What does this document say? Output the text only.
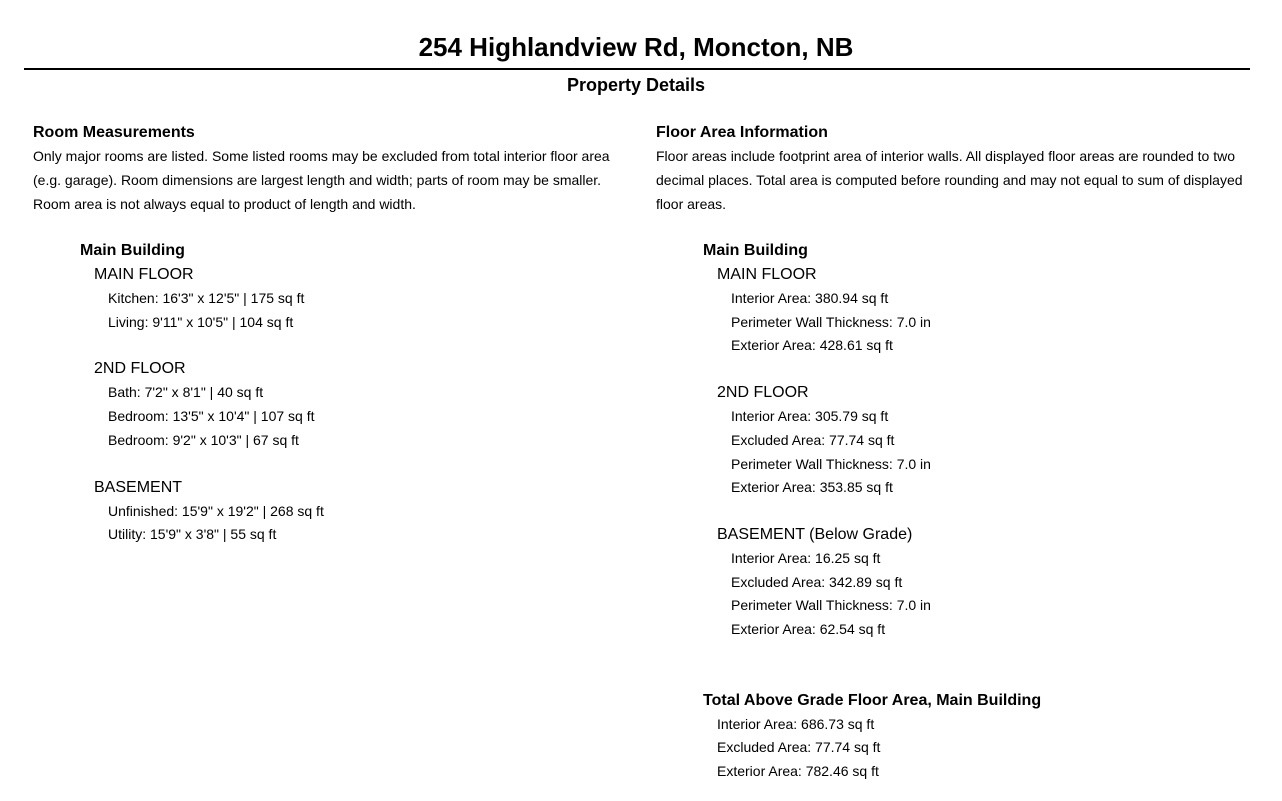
254 Highlandview Rd, Moncton, NB
Property Details
Room Measurements
Only major rooms are listed. Some listed rooms may be excluded from total interior floor area
(e.g. garage). Room dimensions are largest length and width; parts of room may be smaller.
Room area is not always equal to product of length and width.
Main Building
MAIN FLOOR
Kitchen: 16'3" x 12'5" | 175 sq ft
Living: 9'11" x 10'5" | 104 sq ft
2ND FLOOR
Bath: 7'2" x 8'1" | 40 sq ft
Bedroom: 13'5" x 10'4" | 107 sq ft
Bedroom: 9'2" x 10'3" | 67 sq ft
BASEMENT
Unfinished: 15'9" x 19'2" | 268 sq ft
Utility: 15'9" x 3'8" | 55 sq ft
Floor Area Information
Floor areas include footprint area of interior walls. All displayed floor areas are rounded to two
decimal places. Total area is computed before rounding and may not equal to sum of displayed
floor areas.
Main Building
MAIN FLOOR
Interior Area: 380.94 sq ft
Perimeter Wall Thickness: 7.0 in
Exterior Area: 428.61 sq ft
2ND FLOOR
Interior Area: 305.79 sq ft
Excluded Area: 77.74 sq ft
Perimeter Wall Thickness: 7.0 in
Exterior Area: 353.85 sq ft
BASEMENT (Below Grade)
Interior Area: 16.25 sq ft
Excluded Area: 342.89 sq ft
Perimeter Wall Thickness: 7.0 in
Exterior Area: 62.54 sq ft
Total Above Grade Floor Area, Main Building
Interior Area: 686.73 sq ft
Excluded Area: 77.74 sq ft
Exterior Area: 782.46 sq ft
